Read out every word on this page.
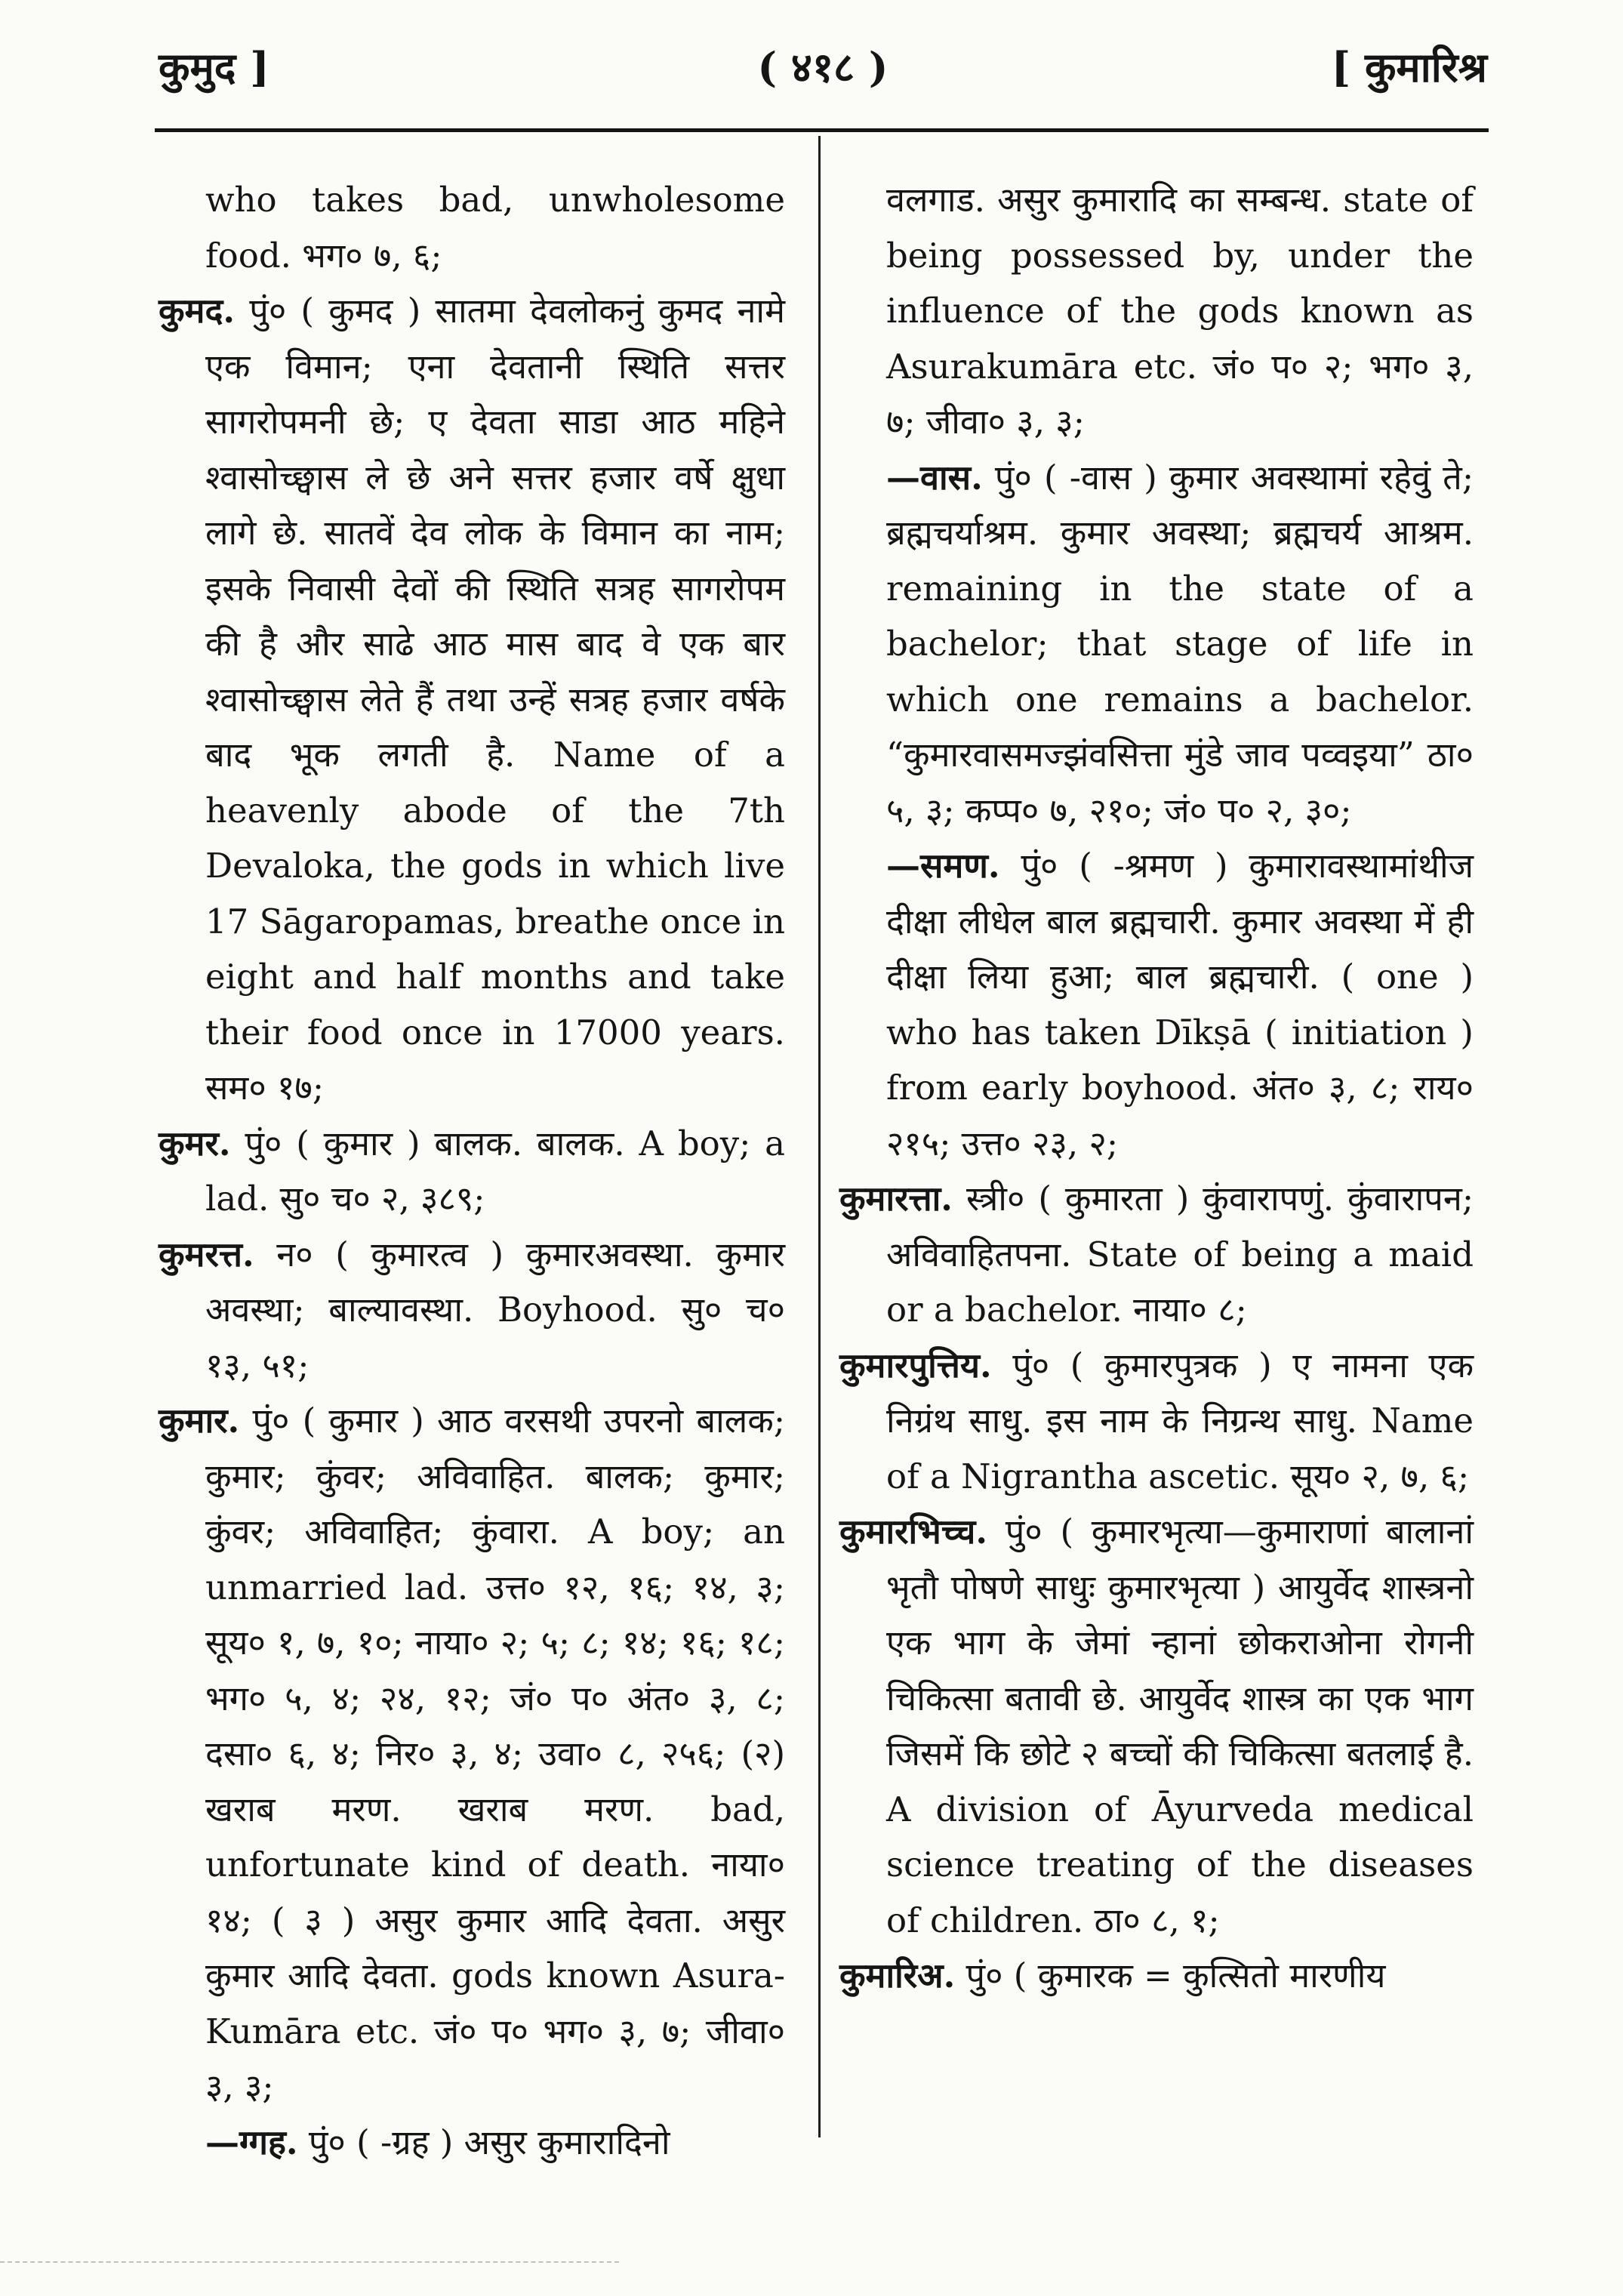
कुमुद ]	( ४१८ )	[ कुमारिश्र

who takes bad, unwholesome food. भग० ७, ६;

कुमद. पुं० ( कुमद ) सातमा देवलोकनुं कुमद नामे एक विमान; एना देवतानी स्थिति सत्तर सागरोपमनी छे; ए देवता साडा आठ महिने श्वासोच्छ्वास ले छे अने सत्तर हजार वर्षे क्षुधा लागे छे. सातवें देव लोक के विमान का नाम; इसके निवासी देवों की स्थिति सत्रह सागरोपम की है और साढे आठ मास बाद वे एक बार श्वासोच्छ्वास लेते हैं तथा उन्हें सत्रह हजार वर्षके बाद भूक लगती है. Name of a heavenly abode of the 7th Devaloka, the gods in which live 17 Sāgaropamas, breathe once in eight and half months and take their food once in 17000 years. सम० १७;

कुमर. पुं० ( कुमार ) बालक. बालक. A boy; a lad. सु० च० २, ३८९;

कुमरत्त. न० ( कुमारत्व ) कुमारअवस्था. कुमार अवस्था; बाल्यावस्था. Boyhood. सु० च० १३, ५१;

कुमार. पुं० ( कुमार ) आठ वरसथी उपरनो बालक; कुमार; कुंवर; अविवाहित. बालक; कुमार; कुंवर; अविवाहित; कुंवारा. A boy; an unmarried lad. उत्त० १२, १६; १४, ३; सूय० १, ७, १०; नाया० २; ५; ८; १४; १६; १८; भग० ५, ४; २४, १२; जं० प० अंत० ३, ८; दसा० ६, ४; निर० ३, ४; उवा० ८, २५६; (२) खराब मरण. खराब मरण. bad, unfortunate kind of death. नाया० १४; ( ३ ) असुर कुमार आदि देवता. असुर कुमार आदि देवता. gods known Asura-Kumāra etc. जं० प० भग० ३, ७; जीवा० ३, ३;

—ग्गह. पुं० ( -ग्रह ) असुर कुमारादिनो

वलगाड. असुर कुमारादि का सम्बन्ध. state of being possessed by, under the influence of the gods known as Asurakumāra etc. जं० प० २; भग० ३, ७; जीवा० ३, ३;

—वास. पुं० ( -वास ) कुमार अवस्थामां रहेवुं ते; ब्रह्मचर्याश्रम. कुमार अवस्था; ब्रह्मचर्य आश्रम. remaining in the state of a bachelor; that stage of life in which one remains a bachelor. “कुमारवासमज्झंवसित्ता मुंडे जाव पव्वइया” ठा० ५, ३; कप्प० ७, २१०; जं० प० २, ३०;

—समण. पुं० ( -श्रमण ) कुमारावस्थामांथीज दीक्षा लीधेल बाल ब्रह्मचारी. कुमार अवस्था में ही दीक्षा लिया हुआ; बाल ब्रह्मचारी. ( one ) who has taken Dīkṣā ( initiation ) from early boyhood. अंत० ३, ८; राय० २१५; उत्त० २३, २;

कुमारत्ता. स्त्री० ( कुमारता ) कुंवारापणुं. कुंवारापन; अविवाहितपना. State of being a maid or a bachelor. नाया० ८;

कुमारपुत्तिय. पुं० ( कुमारपुत्रक ) ए नामना एक निग्रंथ साधु. इस नाम के निग्रन्थ साधु. Name of a Nigrantha ascetic. सूय० २, ७, ६;

कुमारभिच्च. पुं० ( कुमारभृत्या—कुमाराणां बालानां भृतौ पोषणे साधुः कुमारभृत्या ) आयुर्वेद शास्त्रनो एक भाग के जेमां न्हानां छोकराओना रोगनी चिकित्सा बतावी छे. आयुर्वेद शास्त्र का एक भाग जिसमें कि छोटे २ बच्चों की चिकित्सा बतलाई है. A division of Āyurveda medical science treating of the diseases of children. ठा० ८, १;

कुमारिअ. पुं० ( कुमारक = कुत्सितो मारणीय
